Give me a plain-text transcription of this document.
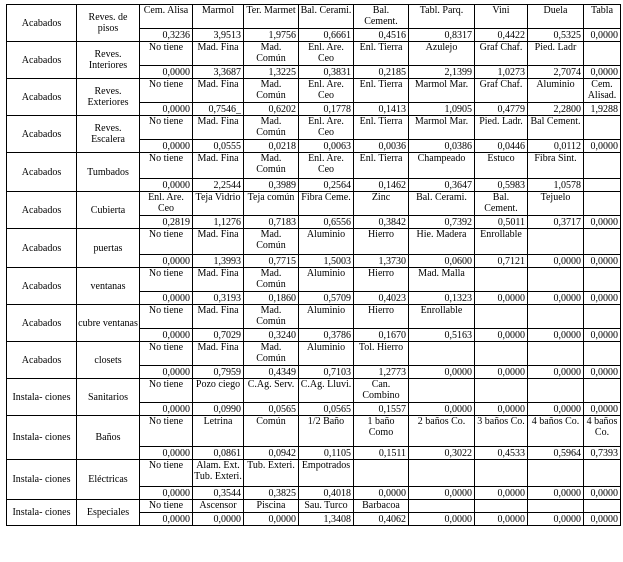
Acabados	Reves. de pisos	Cem. Alisa	Marmol	Ter. Marmet	Bal. Cerami.	Bal. Cement.	Tabl. Parq.	Vini	Duela	Tabla
		0,3236	3,9513	1,9756	0,6661	0,4516	0,8317	0,4422	0,5325	0,0000
Acabados	Reves. Interiores	No tiene	Mad. Fina	Mad. Común	Enl. Are. Ceo	Enl. Tierra	Azulejo	Graf Chaf.	Pied. Ladr	
		0,0000	3,3687	1,3225	0,3831	0,2185	2,1399	1,0273	2,7074	0,0000
Acabados	Reves. Exteriores	No tiene	Mad. Fina	Mad. Común	Enl. Are. Ceo	Enl. Tierra	Marmol Mar.	Graf Chaf.	Aluminio	Cem. Alisad.
		0,0000	0,7546_	0,6202	0,1778	0,1413	1,0905	0,4779	2,2800	1,9288
Acabados	Reves. Escalera	No tiene	Mad. Fina	Mad. Común	Enl. Are. Ceo	Enl. Tierra	Marmol Mar.	Pied. Ladr.	Bal Cement.	
		0,0000	0,0555	0,0218	0,0063	0,0036	0,0386	0,0446	0,0112	0,0000
Acabados	Tumbados	No tiene	Mad. Fina	Mad. Común	Enl. Are. Ceo	Enl. Tierra	Champeado	Estuco	Fibra Sint.	
		0,0000	2,2544	0,3989	0,2564	0,1462	0,3647	0,5983	1,0578	
Acabados	Cubierta	Enl. Are. Ceo	Teja Vidrio	Teja común	Fibra Ceme.	Zinc	Bal. Cerami.	Bal. Cement.	Tejuelo	
		0,2819	1,1276	0,7183	0,6556	0,3842	0,7392	0,5011	0,3717	0,0000
Acabados	puertas	No tiene	Mad. Fina	Mad. Común	Aluminio	Hierro	Hie. Madera	Enrollable		
		0,0000	1,3993	0,7715	1,5003	1,3730	0,0600	0,7121	0,0000	0,0000
Acabados	ventanas	No tiene	Mad. Fina	Mad. Común	Aluminio	Hierro	Mad. Malla			
		0,0000	0,3193	0,1860	0,5709	0,4023	0,1323	0,0000	0,0000	0,0000
Acabados	cubre ventanas	No tiene	Mad. Fina	Mad. Común	Aluminio	Hierro	Enrollable			
		0,0000	0,7029	0,3240	0,3786	0,1670	0,5163	0,0000	0,0000	0,0000
Acabados	closets	No tiene	Mad. Fina	Mad. Común	Aluminio	Tol. Hierro				
		0,0000	0,7959	0,4349	0,7103	1,2773	0,0000	0,0000	0,0000	0,0000
Instala- ciones	Sanitarios	No tiene	Pozo ciego	C.Ag. Serv.	C.Ag. Lluvi.	Can. Combino				
		0,0000	0,0990	0,0565	0,0565	0,1557	0,0000	0,0000	0,0000	0,0000
Instala- ciones	Baños	No tiene	Letrina	Común	1/2 Baño	1 baño Como	2 baños Co.	3 baños Co.	4 baños Co.	4 baños Co.
		0,0000	0,0861	0,0942	0,1105	0,1511	0,3022	0,4533	0,5964	0,7393
Instala- ciones	Eléctricas	No tiene	Alam. Ext. Tub. Exteri.	Tub. Exteri.	Empotrados					
		0,0000	0,3544	0,3825	0,4018	0,0000	0,0000	0,0000	0,0000	0,0000
Instala- ciones	Especiales	No tiene	Ascensor	Piscina	Sau. Turco	Barbacoa				
		0,0000	0,0000	0,0000	1,3408	0,4062	0,0000	0,0000	0,0000	0,0000
